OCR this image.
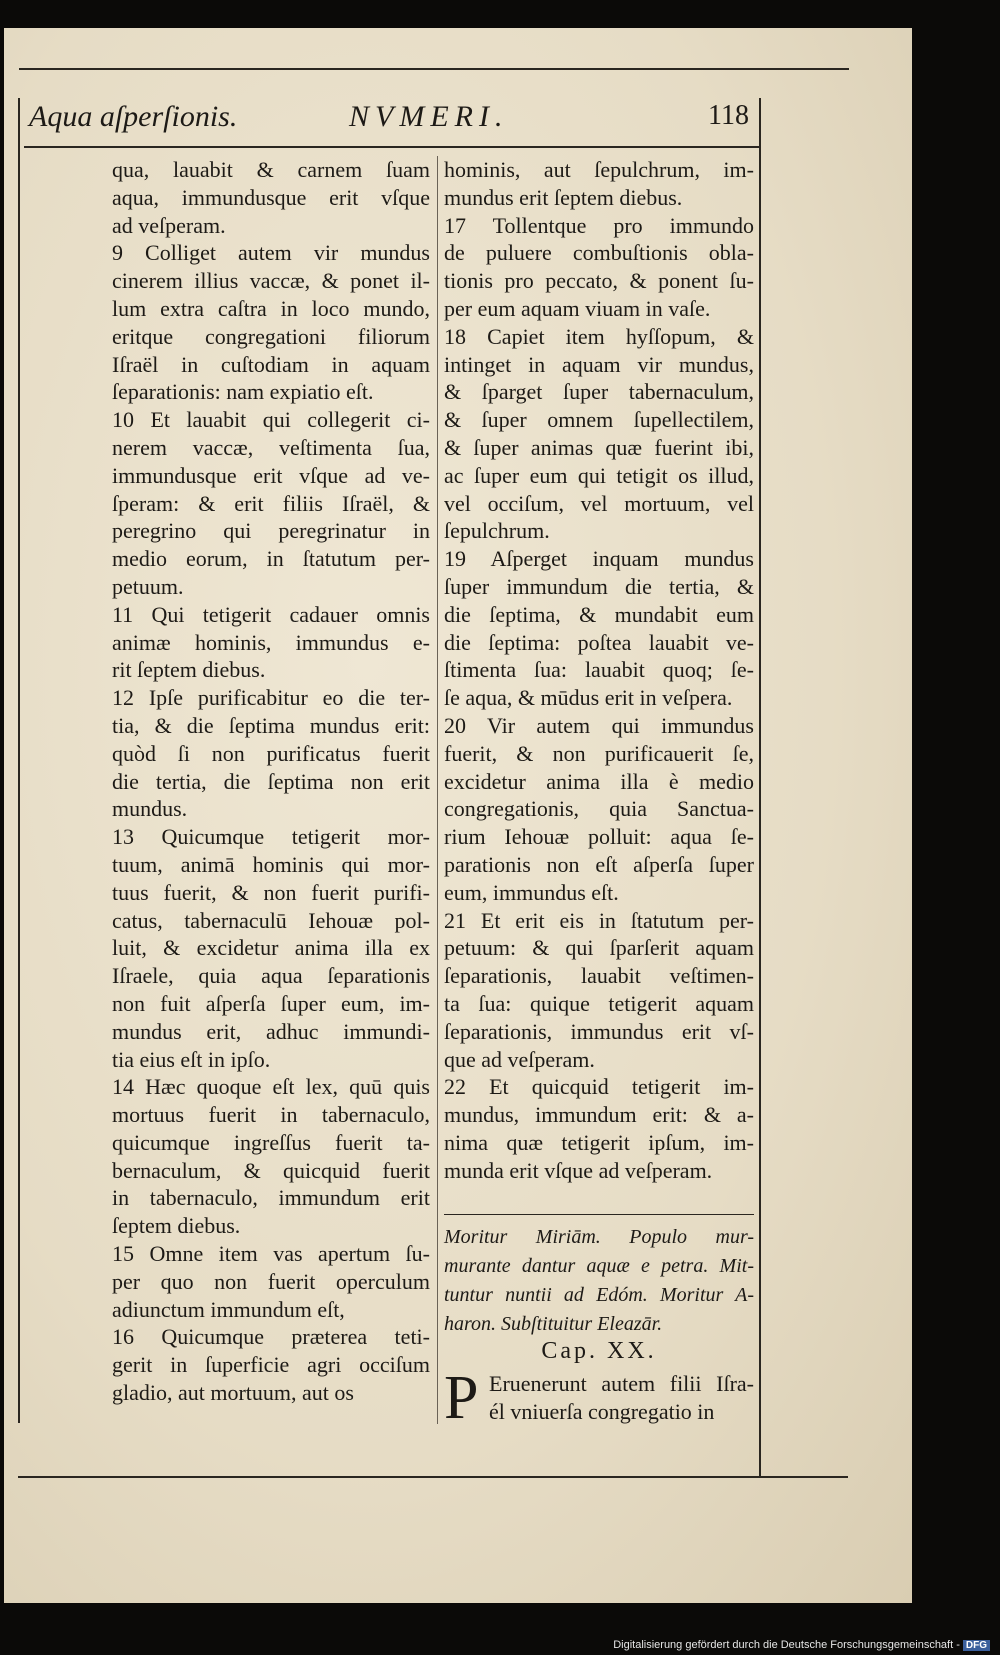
Aqua aſperſionis.	NVMERI.	118
qua, lauabit & carnem ſuam
aqua, immundusque erit vſque
ad veſperam.
9 Colliget autem vir mundus
cinerem illius vaccæ, & ponet il-
lum extra caſtra in loco mundo,
eritque congregationi filiorum
Iſraël in cuſtodiam in aquam
ſeparationis: nam expiatio eſt.
10 Et lauabit qui collegerit ci-
nerem vaccæ, veſtimenta ſua,
immundusque erit vſque ad ve-
ſperam: & erit filiis Iſraël, &
peregrino qui peregrinatur in
medio eorum, in ſtatutum per-
petuum.
11 Qui tetigerit cadauer omnis
animæ hominis, immundus e-
rit ſeptem diebus.
12 Ipſe purificabitur eo die ter-
tia, & die ſeptima mundus erit:
quòd ſi non purificatus fuerit
die tertia, die ſeptima non erit
mundus.
13 Quicumque tetigerit mor-
tuum, animā hominis qui mor-
tuus fuerit, & non fuerit purifi-
catus, tabernaculū Iehouæ pol-
luit, & excidetur anima illa ex
Iſraele, quia aqua ſeparationis
non fuit aſperſa ſuper eum, im-
mundus erit, adhuc immundi-
tia eius eſt in ipſo.
14 Hæc quoque eſt lex, quū quis
mortuus fuerit in tabernaculo,
quicumque ingreſſus fuerit ta-
bernaculum, & quicquid fuerit
in tabernaculo, immundum erit
ſeptem diebus.
15 Omne item vas apertum ſu-
per quo non fuerit operculum
adiunctum immundum eſt,
16 Quicumque præterea teti-
gerit in ſuperficie agri occiſum
gladio, aut mortuum, aut os
hominis, aut ſepulchrum, im-
mundus erit ſeptem diebus.
17 Tollentque pro immundo
de puluere combuſtionis obla-
tionis pro peccato, & ponent ſu-
per eum aquam viuam in vaſe.
18 Capiet item hyſſopum, &
intinget in aquam vir mundus,
& ſparget ſuper tabernaculum,
& ſuper omnem ſupellectilem,
& ſuper animas quæ fuerint ibi,
ac ſuper eum qui tetigit os illud,
vel occiſum, vel mortuum, vel
ſepulchrum.
19 Aſperget inquam mundus
ſuper immundum die tertia, &
die ſeptima, & mundabit eum
die ſeptima: poſtea lauabit ve-
ſtimenta ſua: lauabit quoq; ſe-
ſe aqua, & mūdus erit in veſpera.
20 Vir autem qui immundus
fuerit, & non purificauerit ſe,
excidetur anima illa è medio
congregationis, quia Sanctua-
rium Iehouæ polluit: aqua ſe-
parationis non eſt aſperſa ſuper
eum, immundus eſt.
21 Et erit eis in ſtatutum per-
petuum: & qui ſparſerit aquam
ſeparationis, lauabit veſtimen-
ta ſua: quique tetigerit aquam
ſeparationis, immundus erit vſ-
que ad veſperam.
22 Et quicquid tetigerit im-
mundus, immundum erit: & a-
nima quæ tetigerit ipſum, im-
munda erit vſque ad veſperam.
Moritur Miriām. Populo mur-
murante dantur aquæ e petra. Mit-
tuntur nuntii ad Edóm. Moritur A-
haron. Subſtituitur Eleazār.
Cap. XX.
P Eruenerunt autem filii Iſra-
él vniuerſa congregatio in
Digitalisierung gefördert durch die Deutsche Forschungsgemeinschaft - DFG
